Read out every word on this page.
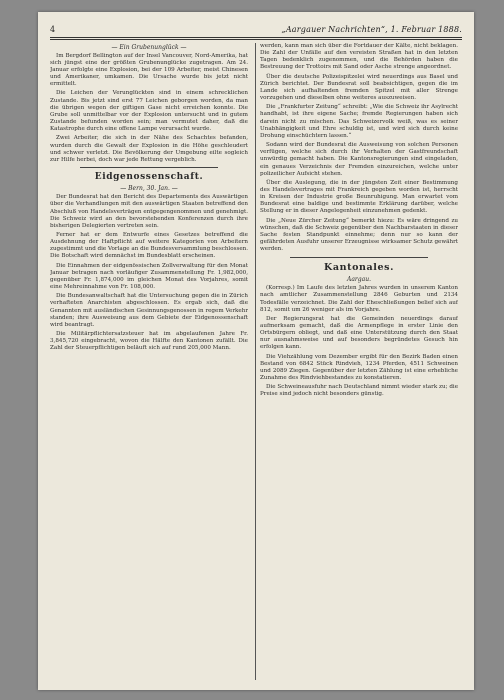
4	„Aargauer Nachrichten“, 1. Februar 1888.
— Ein Grubenunglück —

Im Bergdorf Bellington auf der Insel Vancouver, Nord-Amerika, hat sich jüngst eine der größten Grubenunglücke zugetragen. Am 24. Januar erfolgte eine Explosion, bei der 109 Arbeiter, meist Chinesen und Amerikaner, umkamen. Die Ursache wurde bis jetzt nicht ermittelt.

Die Leichen der Verunglückten sind in einem schrecklichen Zustande. Bis jetzt sind erst 77 Leichen geborgen worden, da man die übrigen wegen der giftigen Gase nicht erreichen konnte. Die Grube soll unmittelbar vor der Explosion untersucht und in gutem Zustande befunden worden sein; man vermutet daher, daß die Katastrophe durch eine offene Lampe verursacht wurde.

Zwei Arbeiter, die sich in der Nähe des Schachtes befanden, wurden durch die Gewalt der Explosion in die Höhe geschleudert und schwer verletzt. Die Bevölkerung der Umgebung eilte sogleich zur Hilfe herbei, doch war jede Rettung vergeblich.

Eidgenossenschaft.
— Bern, 30. Jan. —

Der Bundesrat hat den Bericht des Departements des Auswärtigen über die Verhandlungen mit den auswärtigen Staaten betreffend den Abschluß von Handelsverträgen entgegengenommen und genehmigt. Die Schweiz wird an den bevorstehenden Konferenzen durch ihre bisherigen Delegierten vertreten sein.

Ferner hat er dem Entwurfe eines Gesetzes betreffend die Ausdehnung der Haftpflicht auf weitere Kategorien von Arbeitern zugestimmt und die Vorlage an die Bundesversammlung beschlossen. Die Botschaft wird demnächst im Bundesblatt erscheinen.

Die Einnahmen der eidgenössischen Zollverwaltung für den Monat Januar betragen nach vorläufiger Zusammenstellung Fr. 1,982,000, gegenüber Fr. 1,874,000 im gleichen Monat des Vorjahres, somit eine Mehreinnahme von Fr. 108,000.

Die Bundesanwaltschaft hat die Untersuchung gegen die in Zürich verhafteten Anarchisten abgeschlossen. Es ergab sich, daß die Genannten mit ausländischen Gesinnungsgenossen in regem Verkehr standen; ihre Ausweisung aus dem Gebiete der Eidgenossenschaft wird beantragt.

Die Militärpflichtersatzsteuer hat im abgelaufenen Jahre Fr. 3,845,720 eingebracht, wovon die Hälfte den Kantonen zufällt. Die Zahl der Steuerpflichtigen beläuft sich auf rund 205,000 Mann.

werden, kann man sich über die Fortdauer der Kälte, nicht beklagen. Die Zahl der Unfälle auf den vereisten Straßen hat in den letzten Tagen bedenklich zugenommen, und die Behörden haben die Bestreuung der Trottoirs mit Sand oder Asche strenge angeordnet.

Über die deutsche Polizeispitzelei wird neuerdings aus Basel und Zürich berichtet. Der Bundesrat soll beabsichtigen, gegen die im Lande sich aufhaltenden fremden Spitzel mit aller Strenge vorzugehen und dieselben ohne weiteres auszuweisen.

Die „Frankfurter Zeitung“ schreibt: „Wie die Schweiz ihr Asylrecht handhabt, ist ihre eigene Sache; fremde Regierungen haben sich darein nicht zu mischen. Das Schweizervolk weiß, was es seiner Unabhängigkeit und Ehre schuldig ist, und wird sich durch keine Drohung einschüchtern lassen.“

Sodann wird der Bundesrat die Ausweisung von solchen Personen verfügen, welche sich durch ihr Verhalten der Gastfreundschaft unwürdig gemacht haben. Die Kantonsregierungen sind eingeladen, ein genaues Verzeichnis der Fremden einzureichen, welche unter polizeilicher Aufsicht stehen.

Über die Auslegung, die in der jüngsten Zeit einer Bestimmung des Handelsvertrages mit Frankreich gegeben worden ist, herrscht in Kreisen der Industrie große Beunruhigung. Man erwartet vom Bundesrat eine baldige und bestimmte Erklärung darüber, welche Stellung er in dieser Angelegenheit einzunehmen gedenkt.

Die „Neue Zürcher Zeitung“ bemerkt hiezu: Es wäre dringend zu wünschen, daß die Schweiz gegenüber den Nachbarstaaten in dieser Sache festen Standpunkt einnehme; denn nur so kann der gefährdeten Ausfuhr unserer Erzeugnisse wirksamer Schutz gewährt werden.

Kantonales.
Aargau.

(Korresp.) Im Laufe des letzten Jahres wurden in unserem Kanton nach amtlicher Zusammenstellung 2846 Geburten und 2134 Todesfälle verzeichnet. Die Zahl der Eheschließungen belief sich auf 812, somit um 26 weniger als im Vorjahre.

Der Regierungsrat hat die Gemeinden neuerdings darauf aufmerksam gemacht, daß die Armenpflege in erster Linie den Ortsbürgern obliegt, und daß eine Unterstützung durch den Staat nur ausnahmsweise und auf besonders begründetes Gesuch hin erfolgen kann.

Die Viehzählung vom Dezember ergibt für den Bezirk Baden einen Bestand von 6842 Stück Rindvieh, 1234 Pferden, 4511 Schweinen und 2089 Ziegen. Gegenüber der letzten Zählung ist eine erhebliche Zunahme des Rindviehbestandes zu konstatieren.

Die Schweineausfuhr nach Deutschland nimmt wieder stark zu; die Preise sind jedoch nicht besonders günstig.
